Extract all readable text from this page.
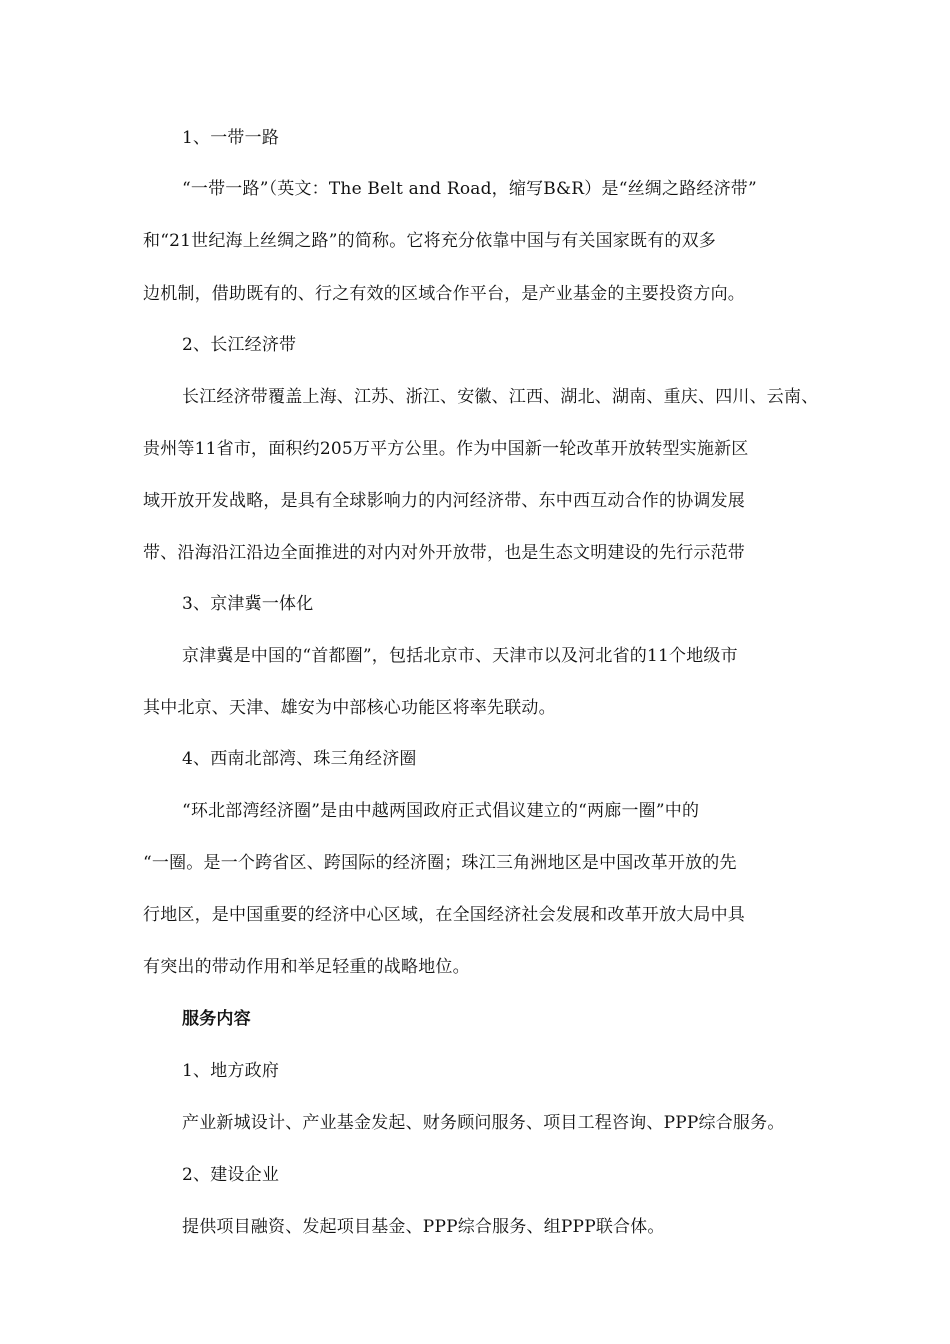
1、一带一路

“一带一路”（英文：The Belt and Road，缩写B&R）是“丝绸之路经济带”

和“21世纪海上丝绸之路”的简称。它将充分依靠中国与有关国家既有的双多

边机制，借助既有的、行之有效的区域合作平台，是产业基金的主要投资方向。

2、长江经济带

长江经济带覆盖上海、江苏、浙江、安徽、江西、湖北、湖南、重庆、四川、云南、

贵州等11省市，面积约205万平方公里。作为中国新一轮改革开放转型实施新区

域开放开发战略，是具有全球影响力的内河经济带、东中西互动合作的协调发展

带、沿海沿江沿边全面推进的对内对外开放带，也是生态文明建设的先行示范带

3、京津冀一体化

京津冀是中国的“首都圈”，包括北京市、天津市以及河北省的11个地级市

其中北京、天津、雄安为中部核心功能区将率先联动。

4、西南北部湾、珠三角经济圈

“环北部湾经济圈”是由中越两国政府正式倡议建立的“两廊一圈”中的

“一圈。是一个跨省区、跨国际的经济圈；珠江三角洲地区是中国改革开放的先

行地区，是中国重要的经济中心区域，在全国经济社会发展和改革开放大局中具

有突出的带动作用和举足轻重的战略地位。

服务内容

1、地方政府

产业新城设计、产业基金发起、财务顾问服务、项目工程咨询、PPP综合服务。

2、建设企业

提供项目融资、发起项目基金、PPP综合服务、组PPP联合体。
